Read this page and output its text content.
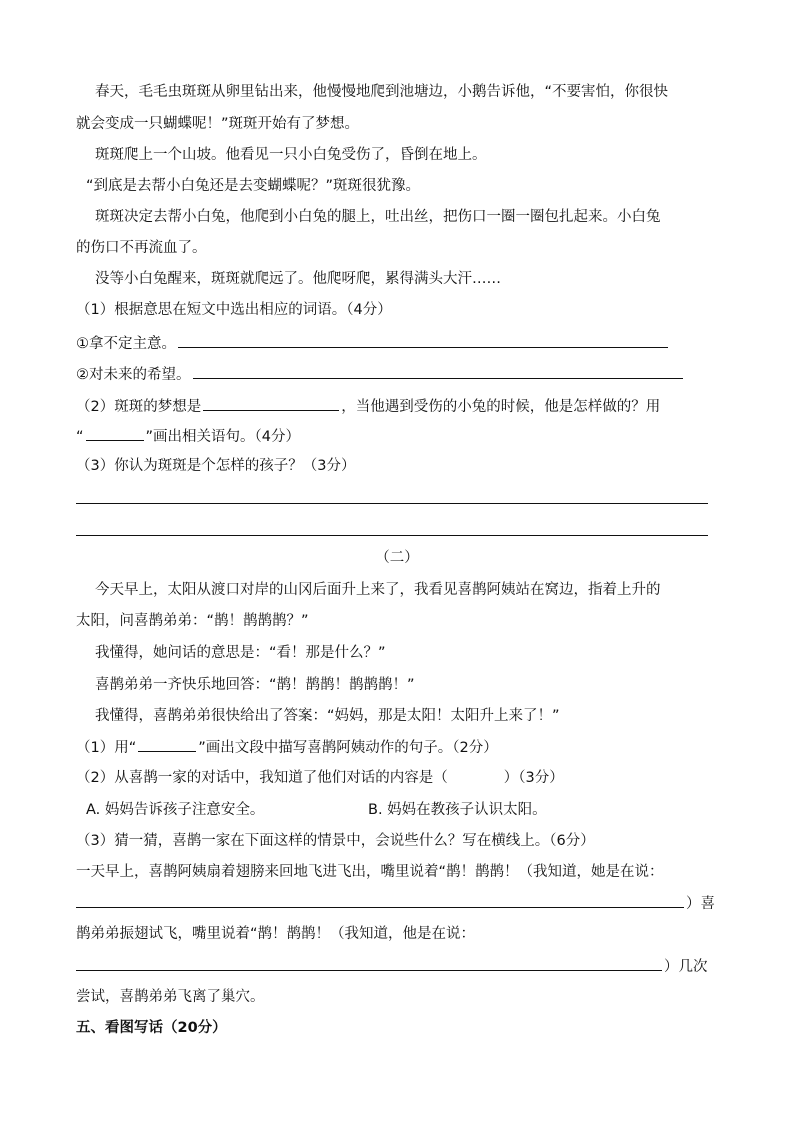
春天，毛毛虫斑斑从卵里钻出来，他慢慢地爬到池塘边，小鹅告诉他，“不要害怕，你很快
就会变成一只蝴蝶呢！”斑斑开始有了梦想。
斑斑爬上一个山坡。他看见一只小白兔受伤了，昏倒在地上。
“到底是去帮小白兔还是去变蝴蝶呢？”斑斑很犹豫。
斑斑决定去帮小白兔，他爬到小白兔的腿上，吐出丝，把伤口一圈一圈包扎起来。小白兔
的伤口不再流血了。
没等小白兔醒来，斑斑就爬远了。他爬呀爬，累得满头大汗……
（1）根据意思在短文中选出相应的词语。（4分）
①拿不定主意。
②对未来的希望。
（2）斑斑的梦想是	，当他遇到受伤的小兔的时候，他是怎样做的？用
“	”画出相关语句。（4分）
（3）你认为斑斑是个怎样的孩子？（3分）
（二）
今天早上，太阳从渡口对岸的山冈后面升上来了，我看见喜鹊阿姨站在窝边，指着上升的
太阳，问喜鹊弟弟：“鹊！鹊鹊鹊？”
我懂得，她问话的意思是：“看！那是什么？”
喜鹊弟弟一齐快乐地回答：“鹊！鹊鹊！鹊鹊鹊！”
我懂得，喜鹊弟弟很快给出了答案：“妈妈，那是太阳！太阳升上来了！”
（1）用“	”画出文段中描写喜鹊阿姨动作的句子。（2分）
（2）从喜鹊一家的对话中，我知道了他们对话的内容是（	）（3分）
A. 妈妈告诉孩子注意安全。	B. 妈妈在教孩子认识太阳。
（3）猜一猜，喜鹊一家在下面这样的情景中，会说些什么？写在横线上。（6分）
一天早上，喜鹊阿姨扇着翅膀来回地飞进飞出，嘴里说着“鹊！鹊鹊！（我知道，她是在说：
）喜
鹊弟弟振翅试飞，嘴里说着“鹊！鹊鹊！（我知道，他是在说：
）几次
尝试，喜鹊弟弟飞离了巢穴。
五、看图写话（20分）
